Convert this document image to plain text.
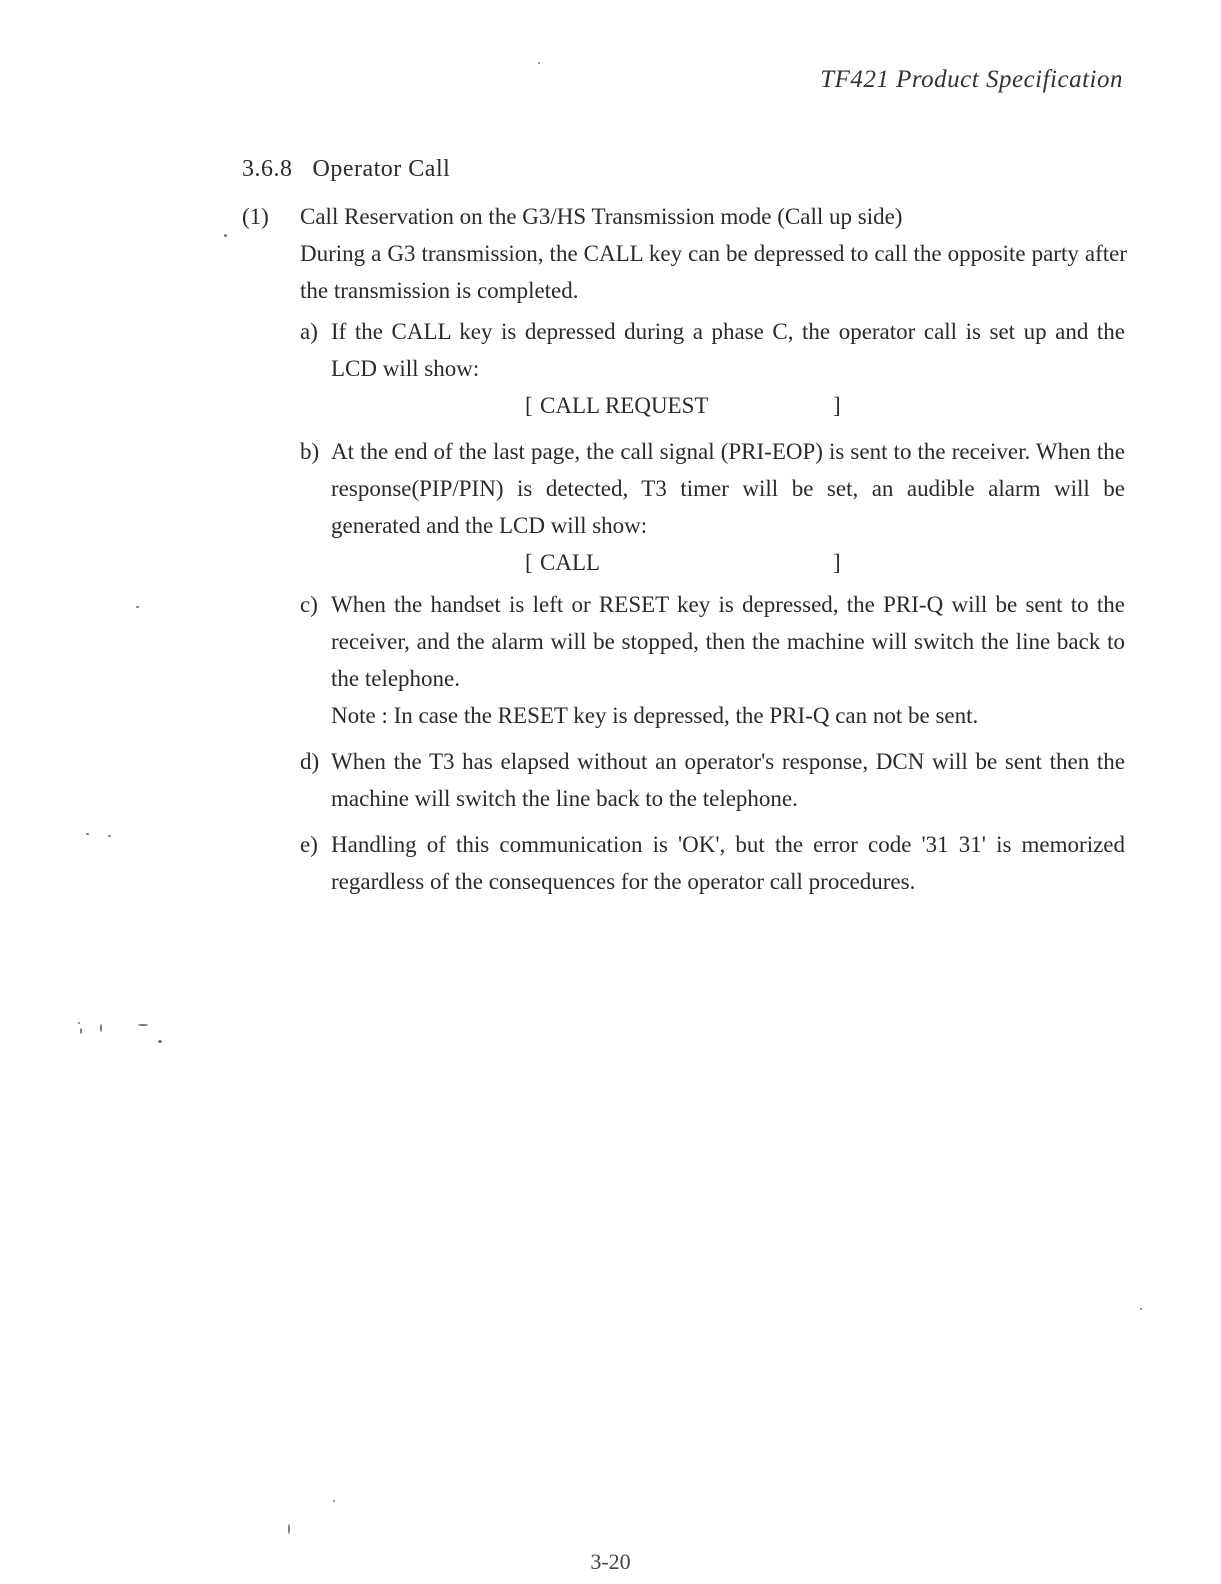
TF421 Product Specification
3.6.8 Operator Call
(1) Call Reservation on the G3/HS Transmission mode (Call up side)
During a G3 transmission, the CALL key can be depressed to call the opposite party after the transmission is completed.
a) If the CALL key is depressed during a phase C, the operator call is set up and the LCD will show:
[ CALL REQUEST	]
b) At the end of the last page, the call signal (PRI-EOP) is sent to the receiver. When the response(PIP/PIN) is detected, T3 timer will be set, an audible alarm will be generated and the LCD will show:
[ CALL	]
c) When the handset is left or RESET key is depressed, the PRI-Q will be sent to the receiver, and the alarm will be stopped, then the machine will switch the line back to the telephone.
Note : In case the RESET key is depressed, the PRI-Q can not be sent.
d) When the T3 has elapsed without an operator's response, DCN will be sent then the machine will switch the line back to the telephone.
e) Handling of this communication is 'OK', but the error code '31 31' is memorized regardless of the consequences for the operator call procedures.
3-20
